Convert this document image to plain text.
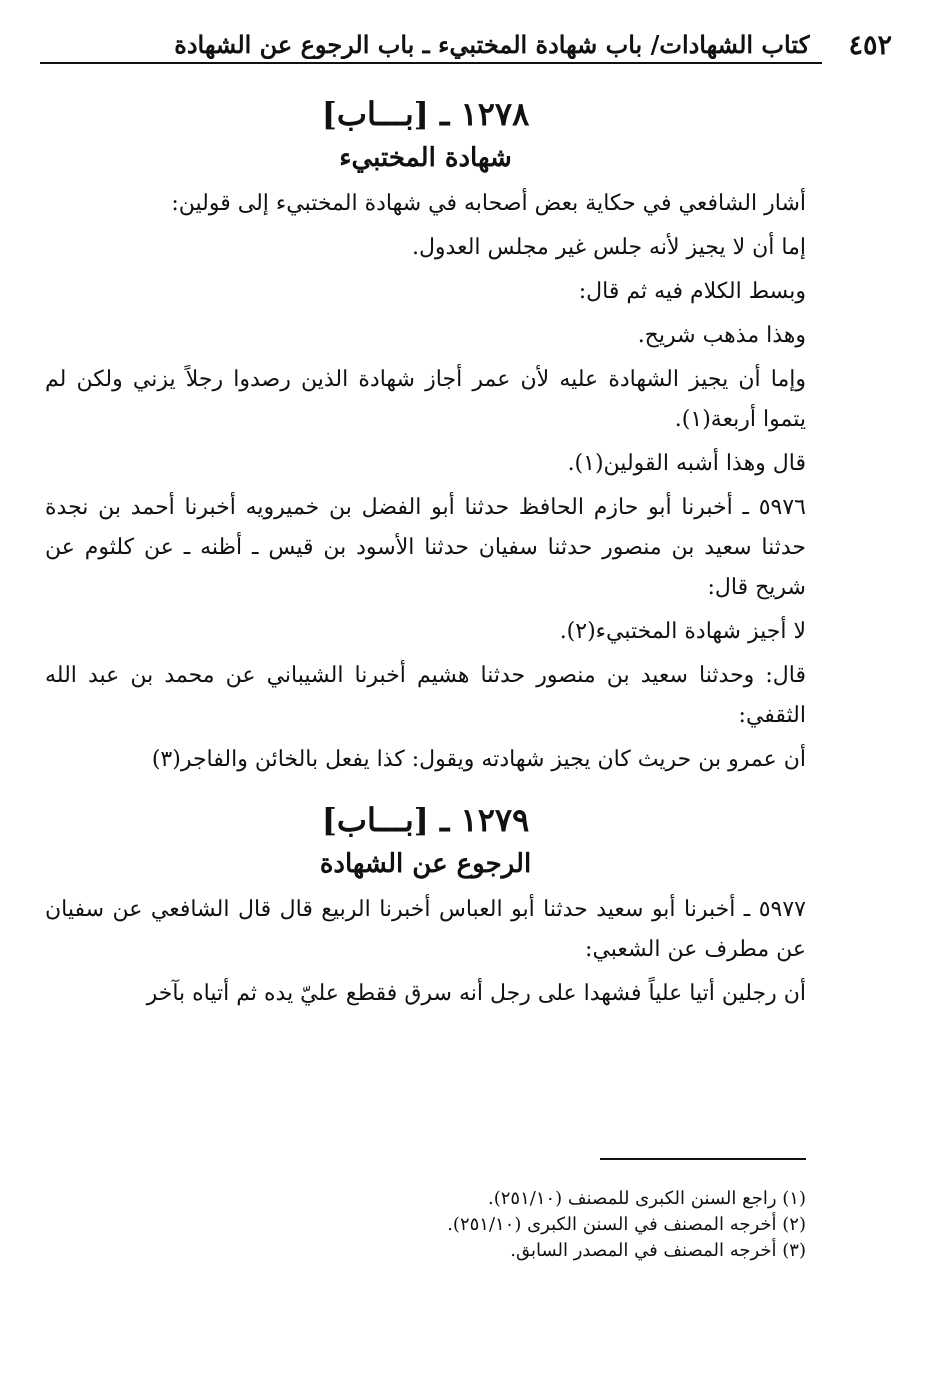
٤٥٢
كتاب الشهادات/ باب شهادة المختبيء ـ باب الرجوع عن الشهادة
١٢٧٨ ـ [بـــاب]
شهادة المختبيء

أشار الشافعي في حكاية بعض أصحابه في شهادة المختبيء إلى قولين:

إما أن لا يجيز لأنه جلس غير مجلس العدول.

وبسط الكلام فيه ثم قال:

وهذا مذهب شريح.

وإما أن يجيز الشهادة عليه لأن عمر أجاز شهادة الذين رصدوا رجلاً يزني ولكن لم يتموا أربعة(١).

قال وهذا أشبه القولين(١).

٥٩٧٦ ـ أخبرنا أبو حازم الحافظ حدثنا أبو الفضل بن خميرويه أخبرنا أحمد بن نجدة حدثنا سعيد بن منصور حدثنا سفيان حدثنا الأسود بن قيس ـ أظنه ـ عن كلثوم عن شريح قال:

لا أجيز شهادة المختبيء(٢).

قال: وحدثنا سعيد بن منصور حدثنا هشيم أخبرنا الشيباني عن محمد بن عبد الله الثقفي:

أن عمرو بن حريث كان يجيز شهادته ويقول: كذا يفعل بالخائن والفاجر(٣)

١٢٧٩ ـ [بـــاب]
الرجوع عن الشهادة

٥٩٧٧ ـ أخبرنا أبو سعيد حدثنا أبو العباس أخبرنا الربيع قال قال الشافعي عن سفيان عن مطرف عن الشعبي:

أن رجلين أتيا علياً فشهدا على رجل أنه سرق فقطع عليّ يده ثم أتياه بآخر

(١) راجع السنن الكبرى للمصنف (٢٥١/١٠).

(٢) أخرجه المصنف في السنن الكبرى (٢٥١/١٠).

(٣) أخرجه المصنف في المصدر السابق.
